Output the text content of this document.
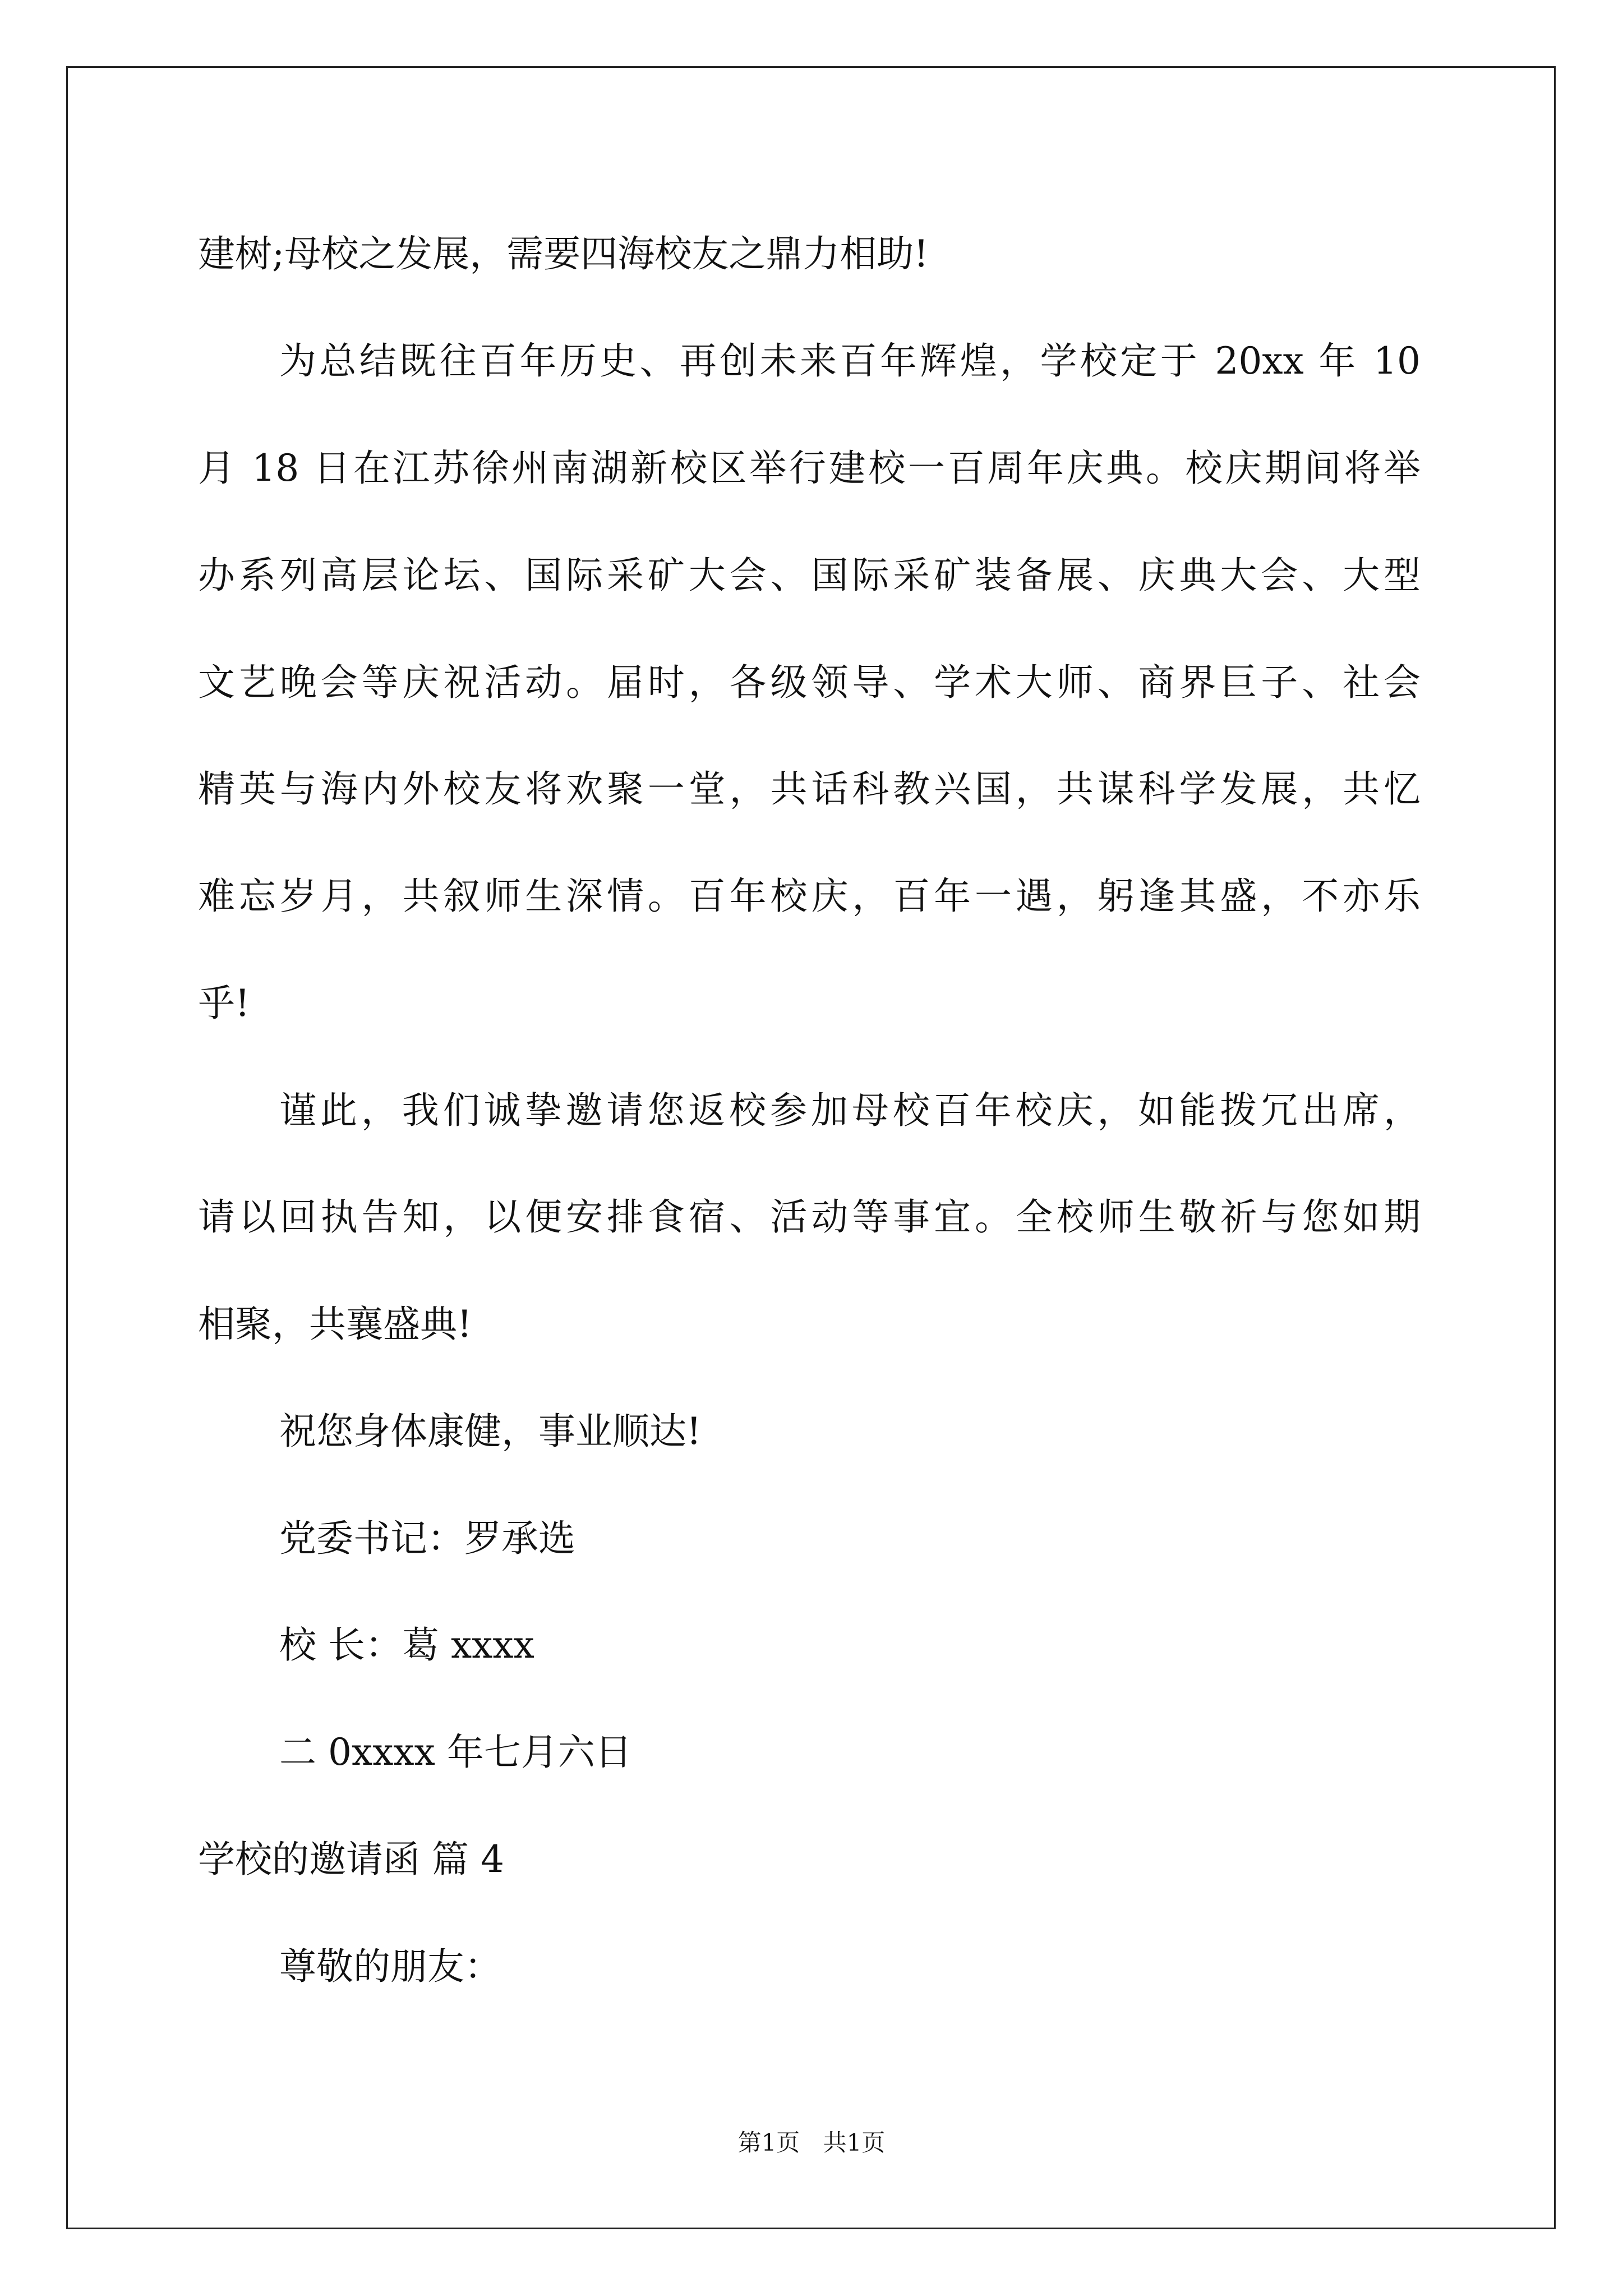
建树;母校之发展，需要四海校友之鼎力相助!
为总结既往百年历史、再创未来百年辉煌，学校定于 20xx 年 10
月 18 日在江苏徐州南湖新校区举行建校一百周年庆典。校庆期间将举
办系列高层论坛、国际采矿大会、国际采矿装备展、庆典大会、大型
文艺晚会等庆祝活动。届时，各级领导、学术大师、商界巨子、社会
精英与海内外校友将欢聚一堂，共话科教兴国，共谋科学发展，共忆
难忘岁月，共叙师生深情。百年校庆，百年一遇，躬逢其盛，不亦乐
乎!
谨此，我们诚挚邀请您返校参加母校百年校庆，如能拨冗出席，
请以回执告知，以便安排食宿、活动等事宜。全校师生敬祈与您如期
相聚，共襄盛典!
祝您身体康健，事业顺达!
党委书记：罗承选
校 长：葛 xxxx
二 0xxxx 年七月六日
学校的邀请函 篇 4
尊敬的朋友：
第1页 共1页
